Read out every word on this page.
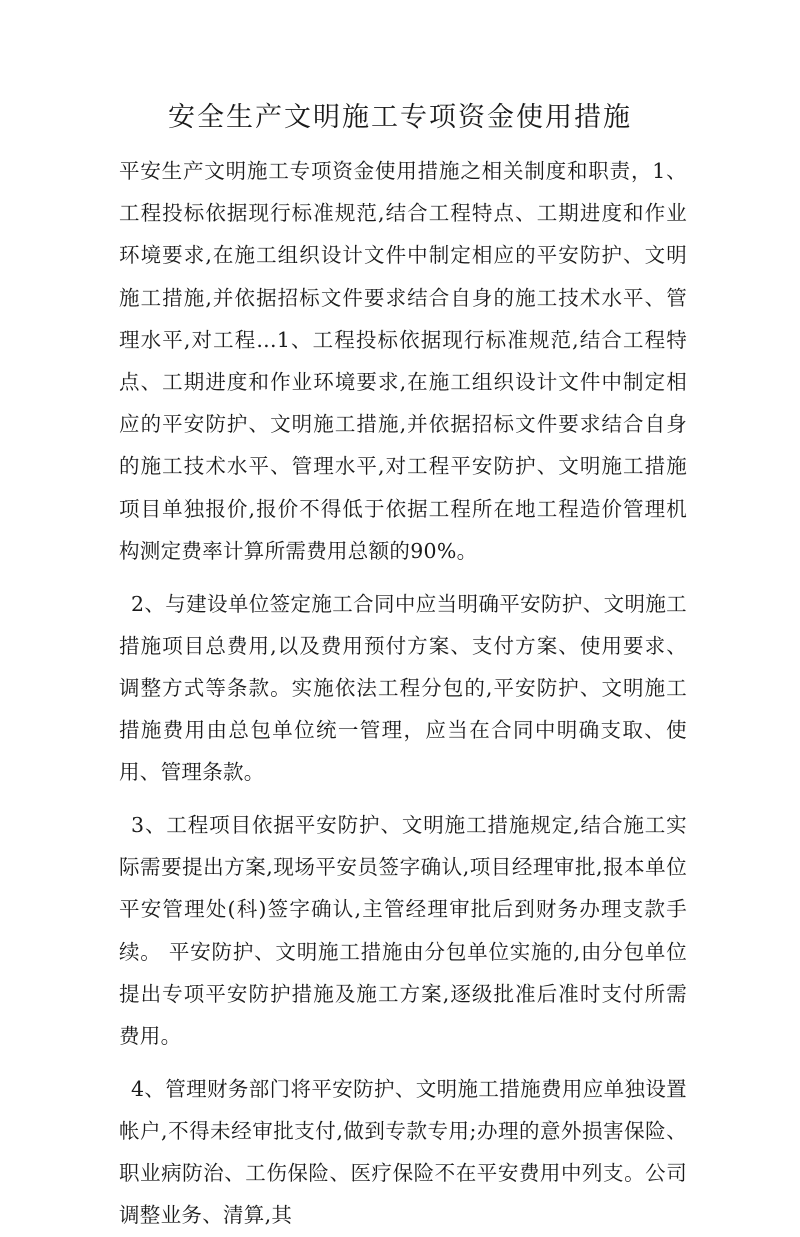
安全生产文明施工专项资金使用措施

平安生产文明施工专项资金使用措施之相关制度和职责，1、工程投标依据现行标准规范,结合工程特点、工期进度和作业环境要求,在施工组织设计文件中制定相应的平安防护、文明施工措施,并依据招标文件要求结合自身的施工技术水平、管理水平,对工程...1、工程投标依据现行标准规范,结合工程特点、工期进度和作业环境要求,在施工组织设计文件中制定相应的平安防护、文明施工措施,并依据招标文件要求结合自身的施工技术水平、管理水平,对工程平安防护、文明施工措施项目单独报价,报价不得低于依据工程所在地工程造价管理机构测定费率计算所需费用总额的90%。

2、与建设单位签定施工合同中应当明确平安防护、文明施工措施项目总费用,以及费用预付方案、支付方案、使用要求、调整方式等条款。实施依法工程分包的,平安防护、文明施工措施费用由总包单位统一管理，应当在合同中明确支取、使用、管理条款。

3、工程项目依据平安防护、文明施工措施规定,结合施工实际需要提出方案,现场平安员签字确认,项目经理审批,报本单位平安管理处(科)签字确认,主管经理审批后到财务办理支款手续。 平安防护、文明施工措施由分包单位实施的,由分包单位提出专项平安防护措施及施工方案,逐级批准后准时支付所需费用。

4、管理财务部门将平安防护、文明施工措施费用应单独设置帐户,不得未经审批支付,做到专款专用;办理的意外损害保险、职业病防治、工伤保险、医疗保险不在平安费用中列支。公司调整业务、清算,其
